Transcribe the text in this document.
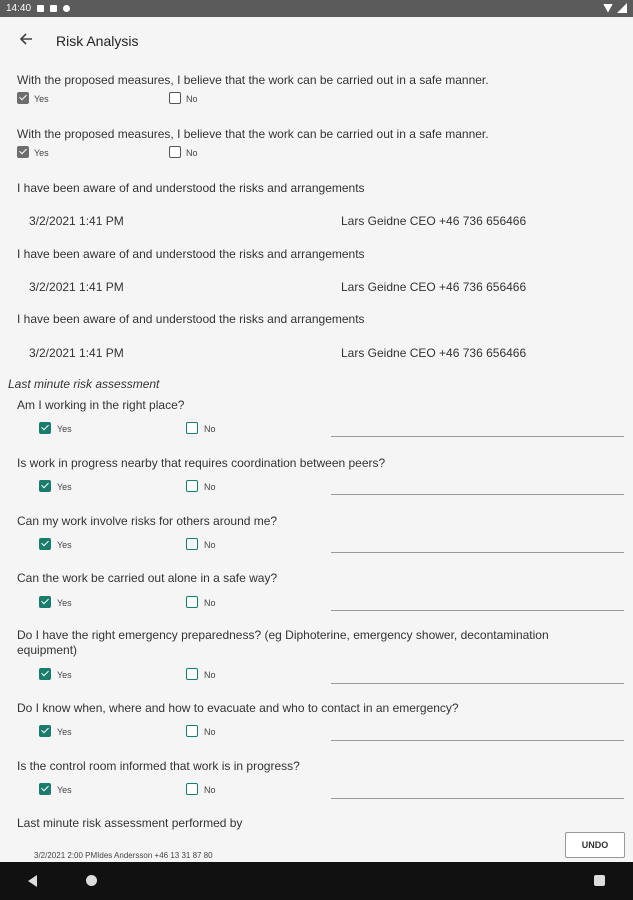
14:40
Risk Analysis
With the proposed measures, I believe that the work can be carried out in a safe manner.
Yes	No
With the proposed measures, I believe that the work can be carried out in a safe manner.
Yes	No
I have been aware of and understood the risks and arrangements
3/2/2021 1:41 PM	Lars Geidne CEO +46 736 656466
I have been aware of and understood the risks and arrangements
3/2/2021 1:41 PM	Lars Geidne CEO +46 736 656466
I have been aware of and understood the risks and arrangements
3/2/2021 1:41 PM	Lars Geidne CEO +46 736 656466
Last minute risk assessment
Am I working in the right place?
Yes	No
Is work in progress nearby that requires coordination between peers?
Yes	No
Can my work involve risks for others around me?
Yes	No
Can the work be carried out alone in a safe way?
Yes	No
Do I have the right emergency preparedness? (eg Diphoterine, emergency shower, decontamination
equipment)
Yes	No
Do I know when, where and how to evacuate and who to contact in an emergency?
Yes	No
Is the control room informed that work is in progress?
Yes	No
Last minute risk assessment performed by
3/2/2021 2:00 PMIdes Andersson +46 13 31 87 80
UNDO
